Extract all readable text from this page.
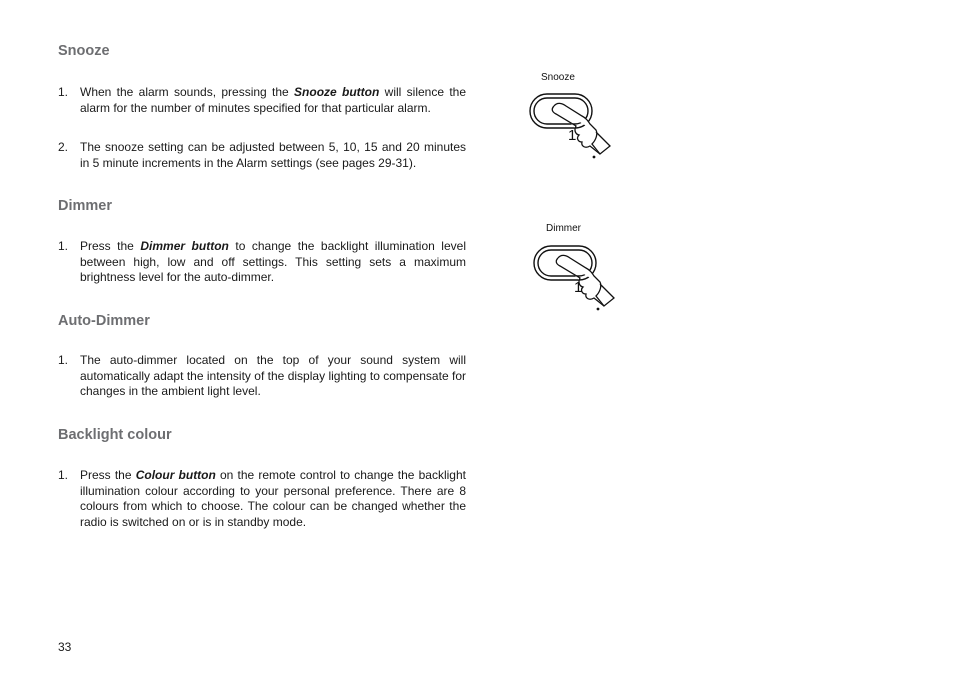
Snooze
1. When the alarm sounds, pressing the Snooze button will silence the alarm for the number of minutes specified for that particular alarm.
2. The snooze setting can be adjusted between 5, 10, 15 and 20 minutes in 5 minute increments in the Alarm settings (see pages 29-31).
Dimmer
1. Press the Dimmer button to change the backlight illumination level between high, low and off settings. This setting sets a maximum brightness level for the auto-dimmer.
Auto-Dimmer
1. The auto-dimmer located on the top of your sound system will automatically adapt the intensity of the display lighting to compensate for changes in the ambient light level.
Backlight colour
1. Press the Colour button on the remote control to change the backlight illumination colour according to your personal preference. There are 8 colours from which to choose. The colour can be changed whether the radio is switched on or is in standby mode.
Snooze
1
Dimmer
1
33
